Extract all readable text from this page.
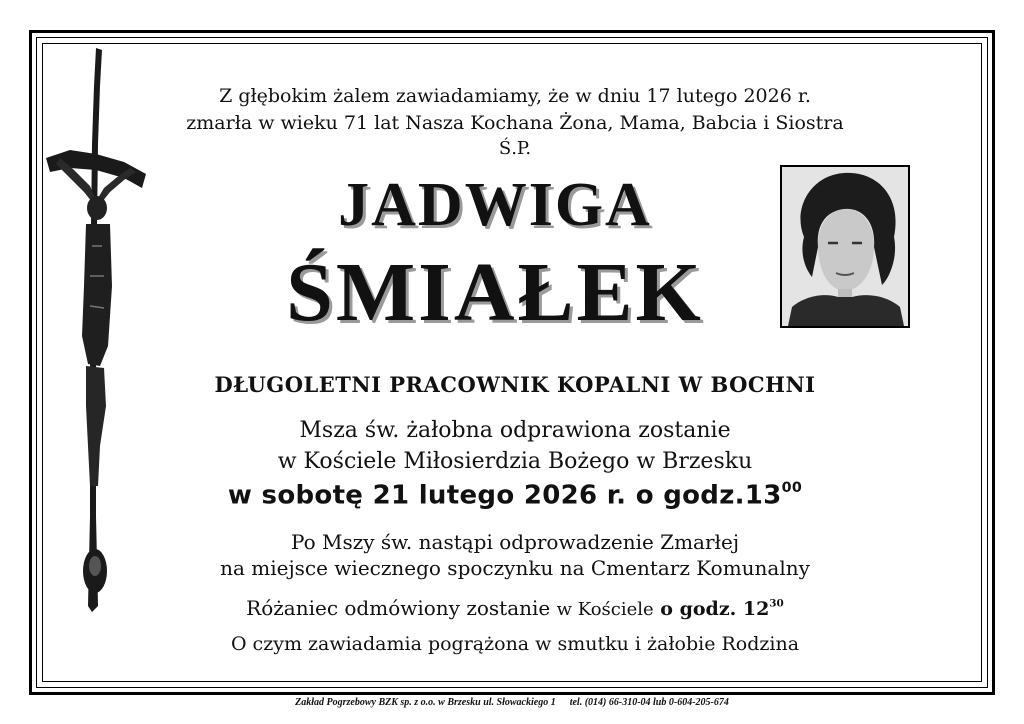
Z głębokim żalem zawiadamiamy, że w dniu 17 lutego 2026 r.
zmarła w wieku 71 lat Nasza Kochana Żona, Mama, Babcia i Siostra
Ś.P.
JADWIGA
ŚMIAŁEK
DŁUGOLETNI PRACOWNIK KOPALNI W BOCHNI
Msza św. żałobna odprawiona zostanie
w Kościele Miłosierdzia Bożego w Brzesku
w sobotę 21 lutego 2026 r. o $godz.13^{00}$
Po Mszy św. nastąpi odprowadzenie Zmarłej
na miejsce wiecznego spoczynku na Cmentarz Komunalny
Różaniec odmówiony zostanie w Kościele o godz. $12^{30}$
O czym zawiadamia pogrążona w smutku i żałobie Rodzina
Zakład Pogrzebowy BZK sp. z o.o. w Brzesku ul. Słowackiego 1 tel. (014) 66-310-04 lub 0-604-205-674
